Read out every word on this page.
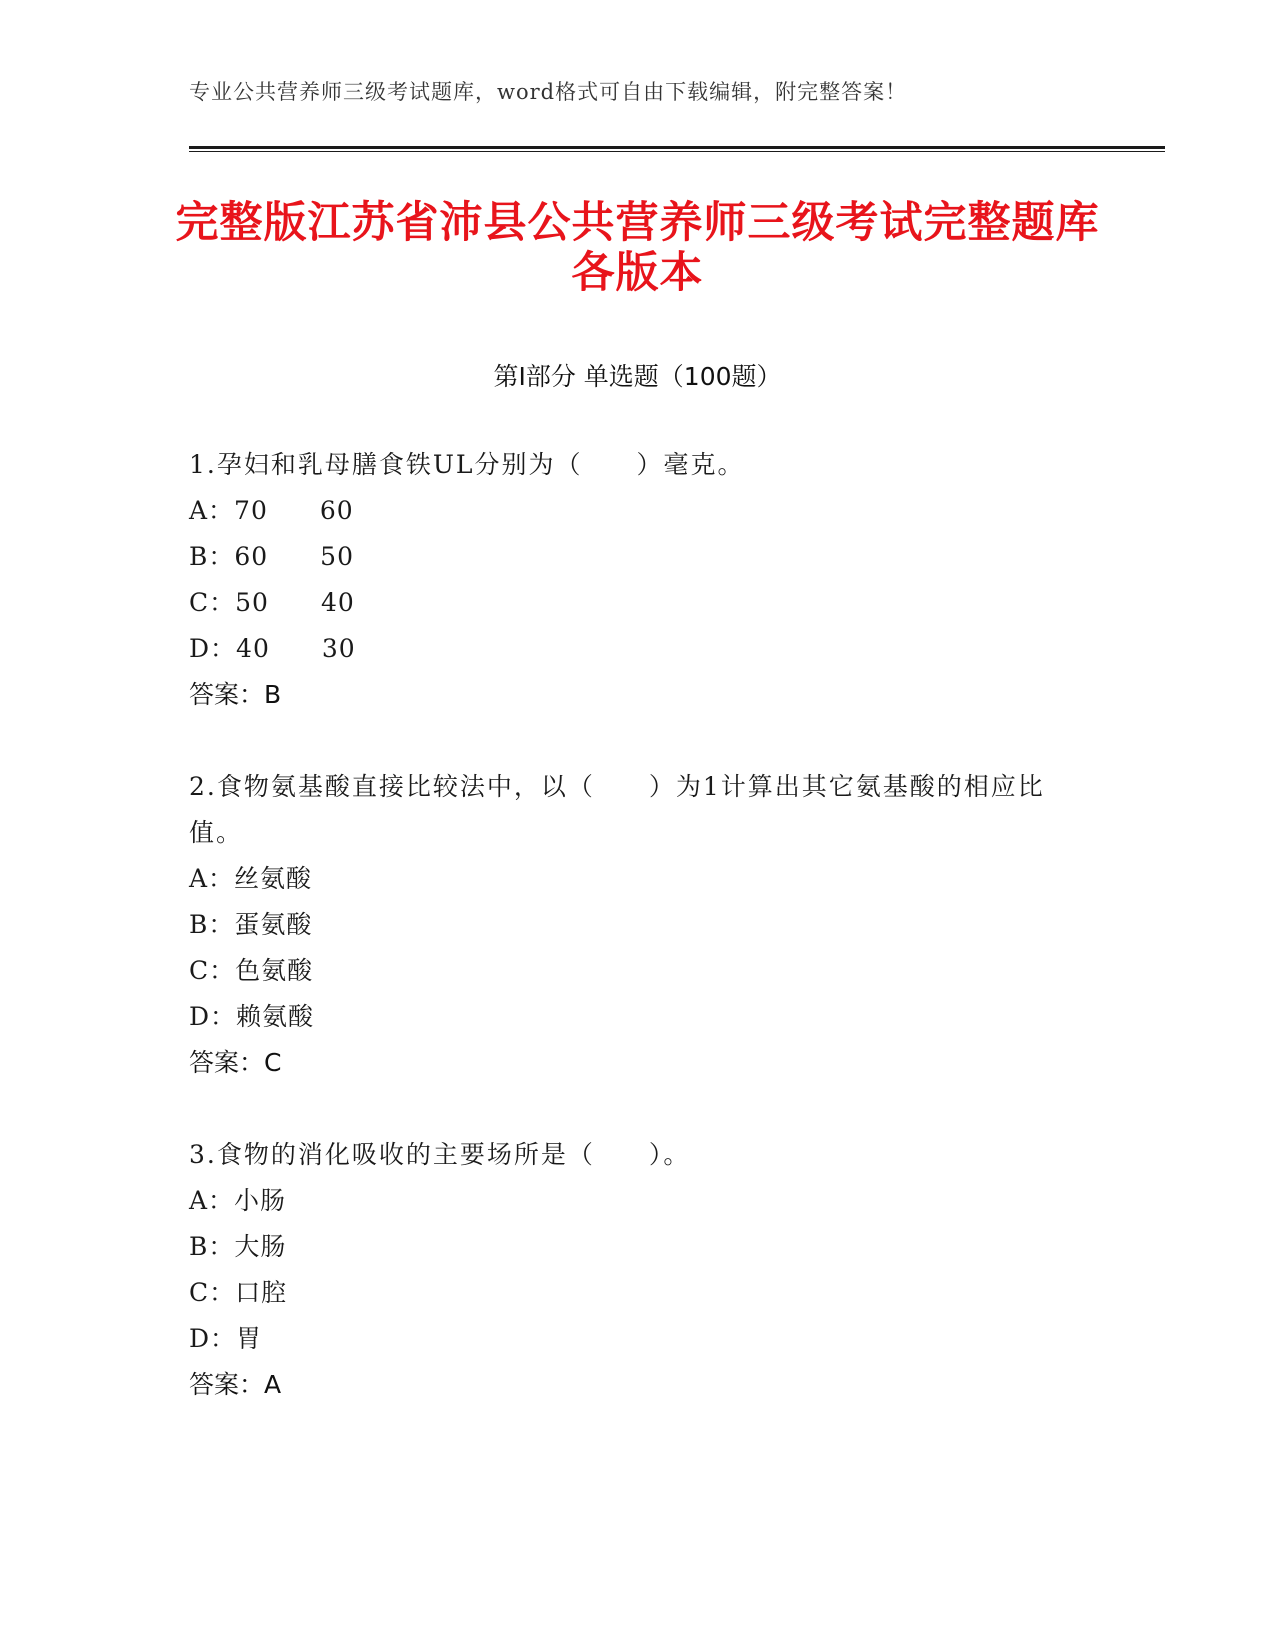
专业公共营养师三级考试题库，word格式可自由下载编辑，附完整答案！
完整版江苏省沛县公共营养师三级考试完整题库各版本
第Ⅰ部分 单选题（100题）
1.孕妇和乳母膳食铁UL分别为（　　）毫克。
A：70　　60
B：60　　50
C：50　　40
D：40　　30
答案：B
2.食物氨基酸直接比较法中，以（　　）为1计算出其它氨基酸的相应比值。
A：丝氨酸
B：蛋氨酸
C：色氨酸
D：赖氨酸
答案：C
3.食物的消化吸收的主要场所是（　　）。
A：小肠
B：大肠
C：口腔
D：胃
答案：A
